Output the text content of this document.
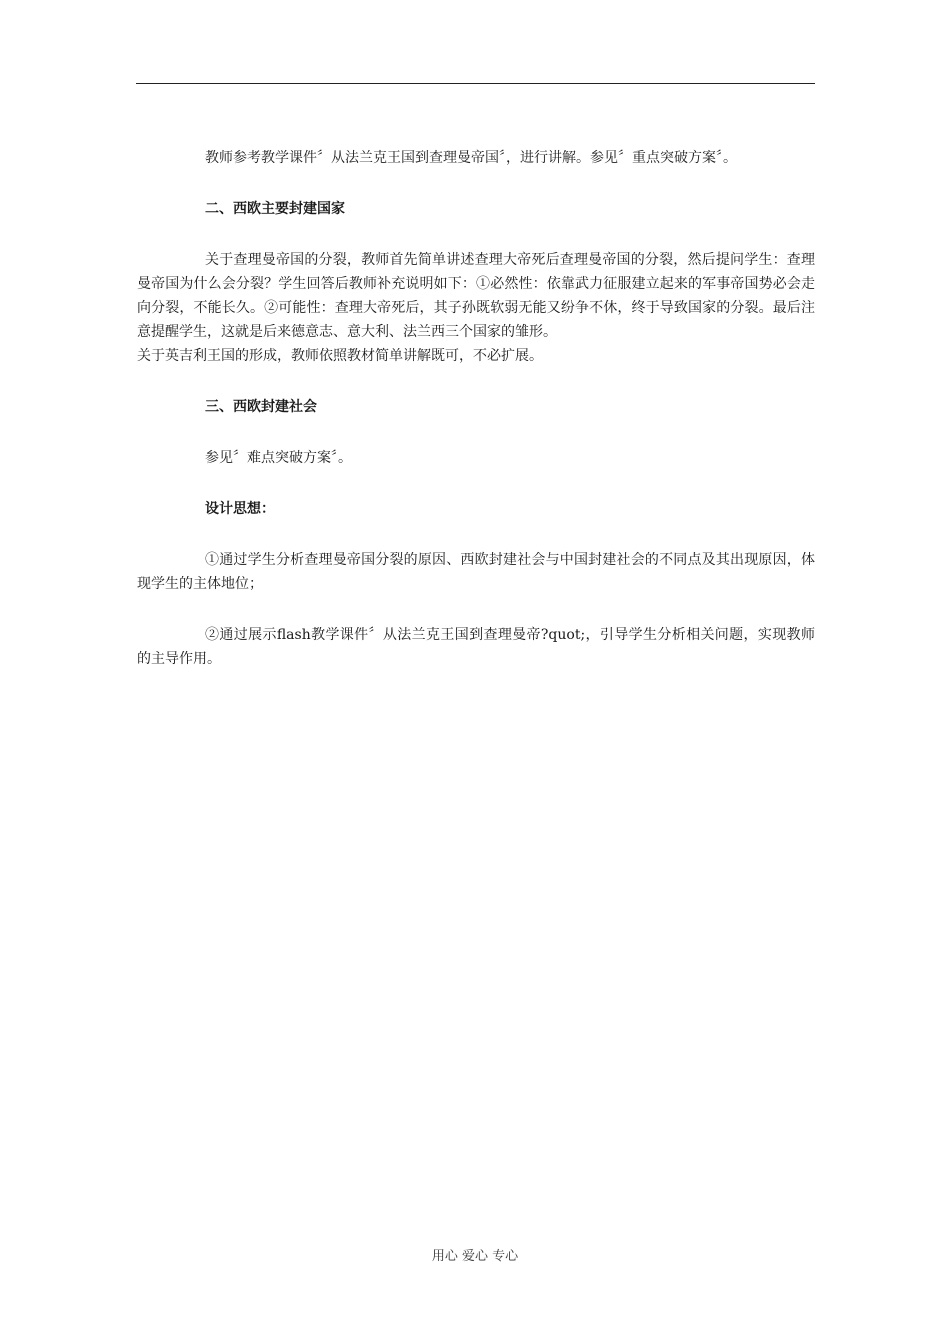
教师参考教学课件〞从法兰克王国到查理曼帝国〞，进行讲解。参见〞重点突破方案〞。

二、西欧主要封建国家

关于查理曼帝国的分裂，教师首先简单讲述查理大帝死后查理曼帝国的分裂，然后提问学生：查理曼帝国为什么会分裂？学生回答后教师补充说明如下：①必然性：依靠武力征服建立起来的军事帝国势必会走向分裂，不能长久。②可能性：查理大帝死后，其子孙既软弱无能又纷争不休，终于导致国家的分裂。最后注意提醒学生，这就是后来德意志、意大利、法兰西三个国家的雏形。

关于英吉利王国的形成，教师依照教材简单讲解既可，不必扩展。

三、西欧封建社会

参见〞难点突破方案〞。

设计思想：

①通过学生分析查理曼帝国分裂的原因、西欧封建社会与中国封建社会的不同点及其出现原因，体现学生的主体地位；

②通过展示flash教学课件〞从法兰克王国到查理曼帝?quot;，引导学生分析相关问题，实现教师的主导作用。

用心 爱心 专心
